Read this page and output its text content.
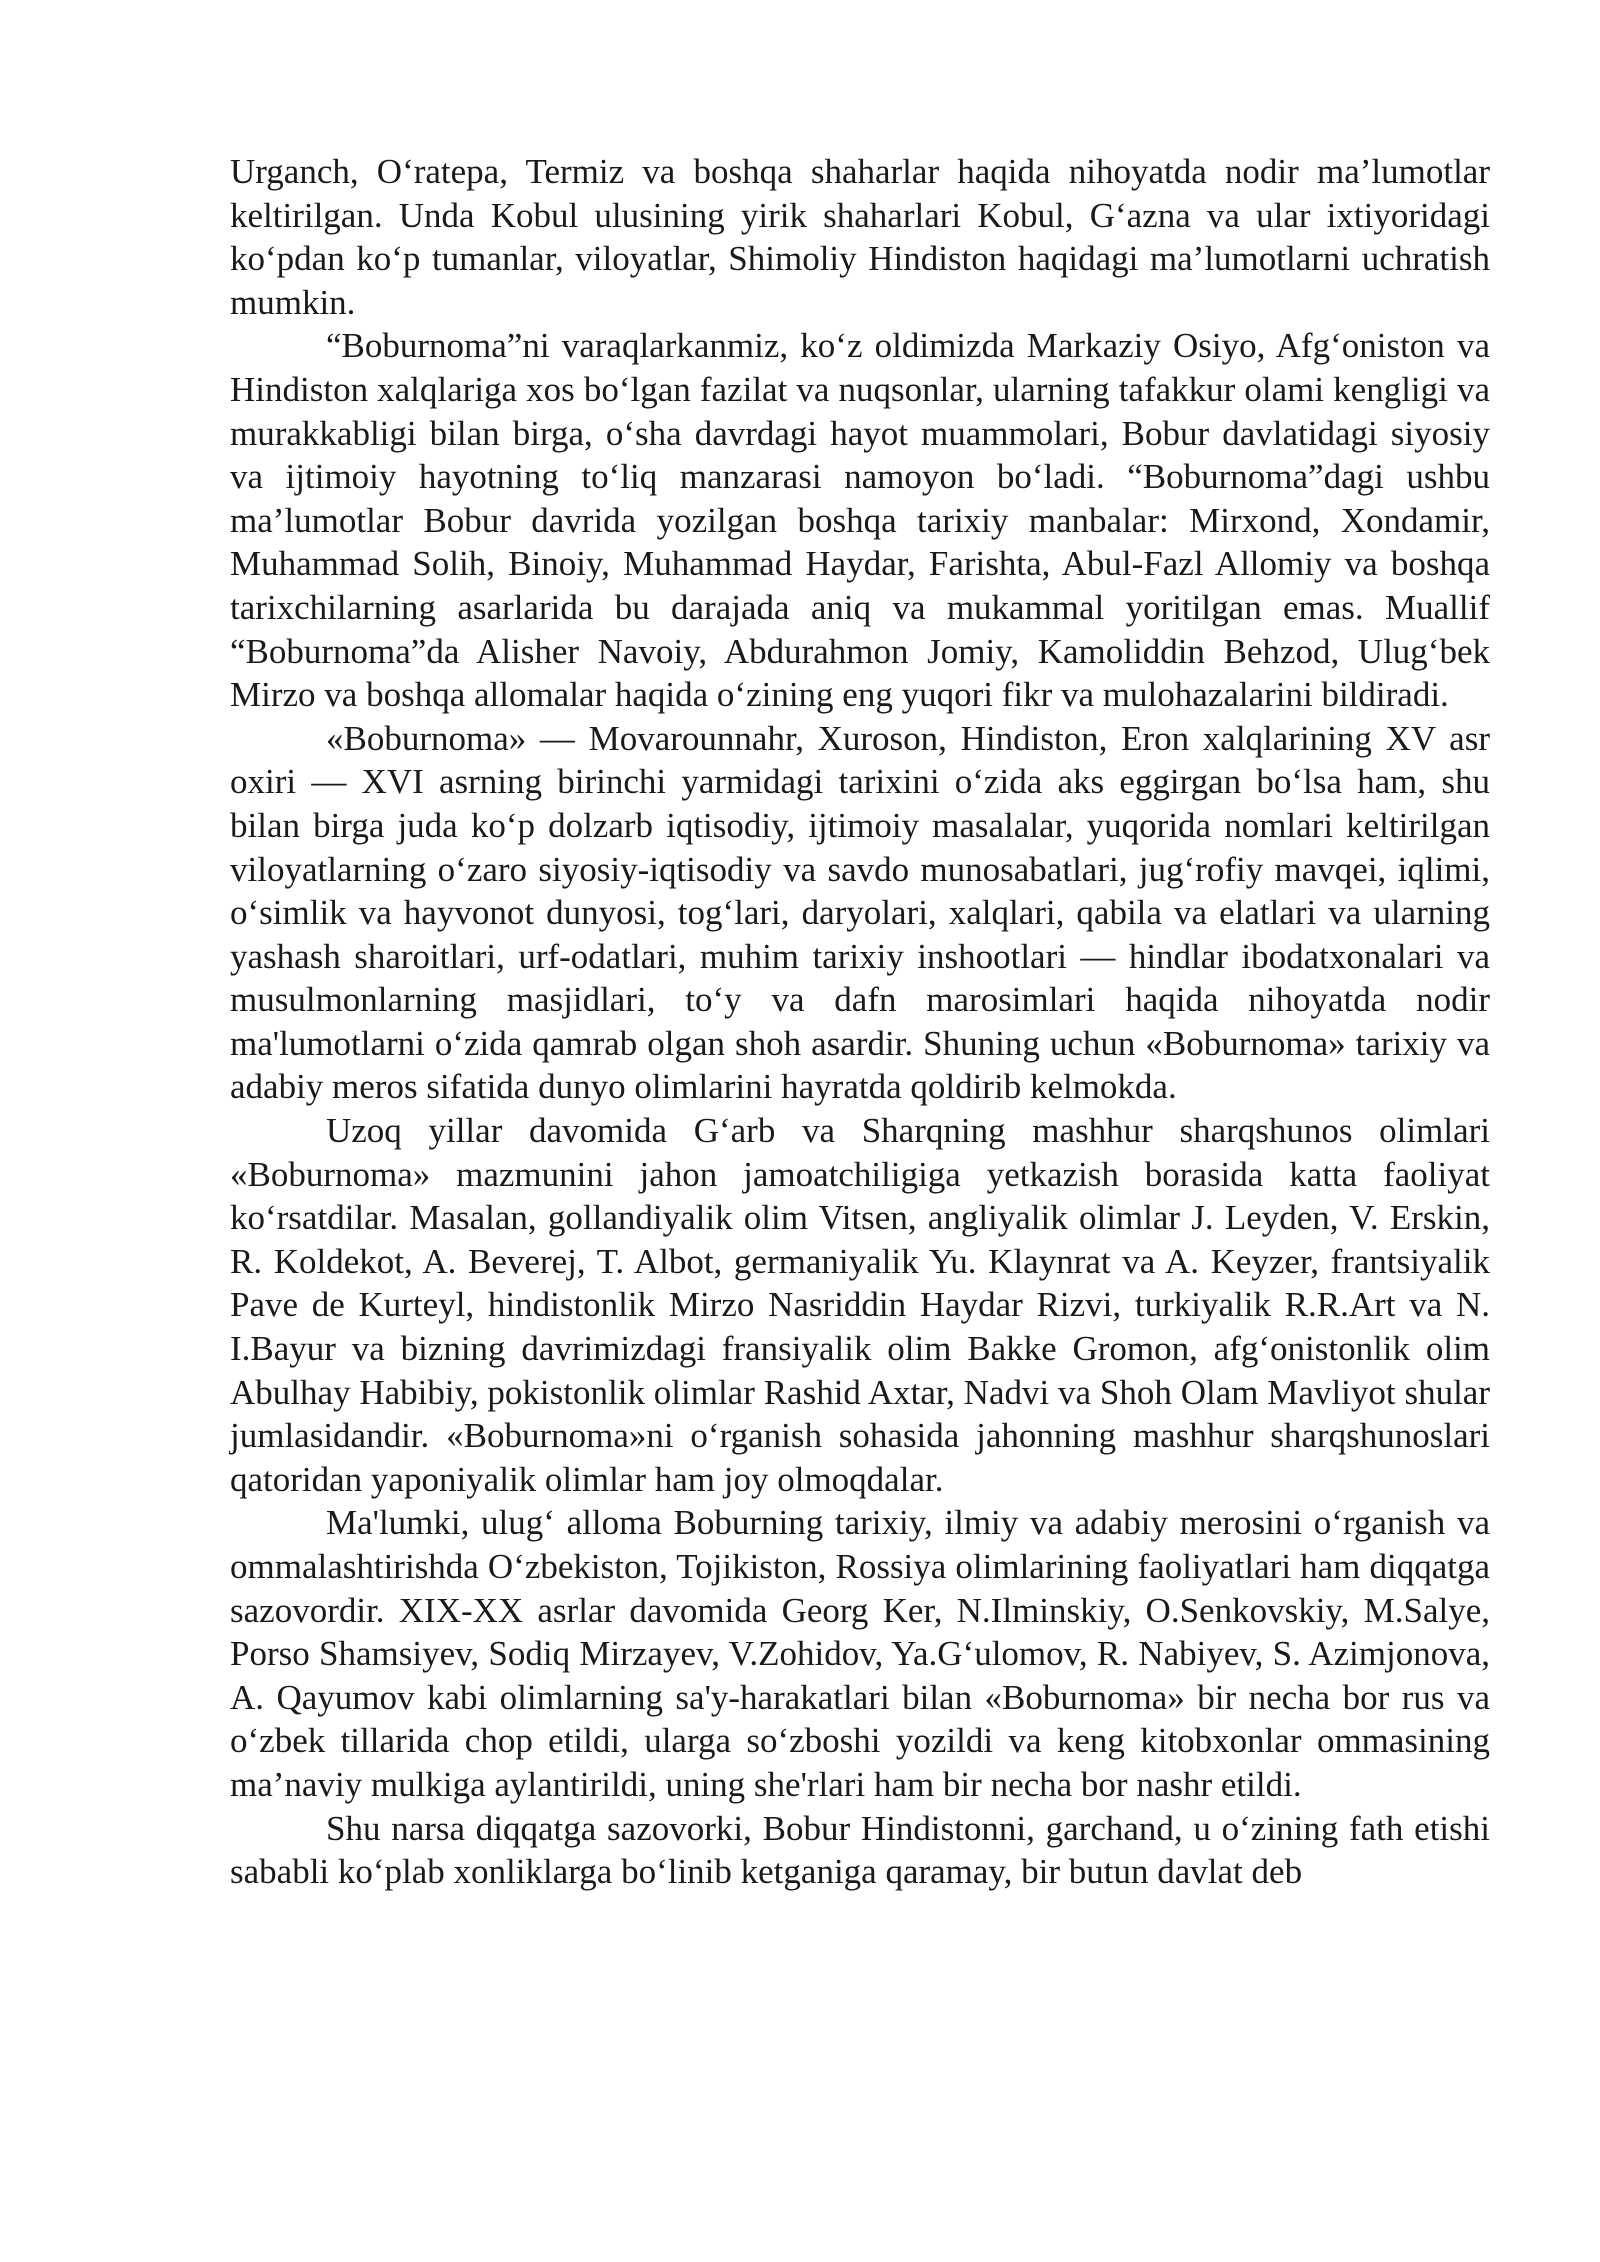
Urganch, O‘ratepa, Termiz va boshqa shaharlar haqida nihoyatda nodir ma’lumotlar keltirilgan. Unda Kobul ulusining yirik shaharlari Kobul, G‘azna va ular ixtiyoridagi ko‘pdan ko‘p tumanlar, viloyatlar, Shimoliy Hindiston haqidagi ma’lumotlarni uchratish mumkin.

“Boburnoma”ni varaqlarkanmiz, ko‘z oldimizda Markaziy Osiyo, Afg‘oniston va Hindiston xalqlariga xos bo‘lgan fazilat va nuqsonlar, ularning tafakkur olami kengligi va murakkabligi bilan birga, o‘sha davrdagi hayot muammolari, Bobur davlatidagi siyosiy va ijtimoiy hayotning to‘liq manzarasi namoyon bo‘ladi. “Boburnoma”dagi ushbu ma’lumotlar Bobur davrida yozilgan boshqa tarixiy manbalar: Mirxond, Xondamir, Muhammad Solih, Binoiy, Muhammad Haydar, Farishta, Abul-Fazl Allomiy va boshqa tarixchilarning asarlarida bu darajada aniq va mukammal yoritilgan emas. Muallif “Boburnoma”da Alisher Navoiy, Abdurahmon Jomiy, Kamoliddin Behzod, Ulug‘bek Mirzo va boshqa allomalar haqida o‘zining eng yuqori fikr va mulohazalarini bildiradi.

«Boburnoma» — Movarounnahr, Xuroson, Hindiston, Eron xalqlarining XV asr oxiri — XVI asrning birinchi yarmidagi tarixini o‘zida aks eggirgan bo‘lsa ham, shu bilan birga juda ko‘p dolzarb iqtisodiy, ijtimoiy masalalar, yuqorida nomlari keltirilgan viloyatlarning o‘zaro siyosiy-iqtisodiy va savdo munosabatlari, jug‘rofiy mavqei, iqlimi, o‘simlik va hayvonot dunyosi, tog‘lari, daryolari, xalqlari, qabila va elatlari va ularning yashash sharoitlari, urf-odatlari, muhim tarixiy inshootlari — hindlar ibodatxonalari va musulmonlarning masjidlari, to‘y va dafn marosimlari haqida nihoyatda nodir ma'lumotlarni o‘zida qamrab olgan shoh asardir. Shuning uchun «Boburnoma» tarixiy va adabiy meros sifatida dunyo olimlarini hayratda qoldirib kelmokda.

Uzoq yillar davomida G‘arb va Sharqning mashhur sharqshunos olimlari «Boburnoma» mazmunini jahon jamoatchiligiga yetkazish borasida katta faoliyat ko‘rsatdilar. Masalan, gollandiyalik olim Vitsen, angliyalik olimlar J. Leyden, V. Erskin, R. Koldekot, A. Beverej, T. Albot, germaniyalik Yu. Klaynrat va A. Keyzer, frantsiyalik Pave de Kurteyl, hindistonlik Mirzo Nasriddin Haydar Rizvi, turkiyalik R.R.Art va N. I.Bayur va bizning davrimizdagi fransiyalik olim Bakke Gromon, afg‘onistonlik olim Abulhay Habibiy, pokistonlik olimlar Rashid Axtar, Nadvi va Shoh Olam Mavliyot shular jumlasidandir. «Boburnoma»ni o‘rganish sohasida jahonning mashhur sharqshunoslari qatoridan yaponiyalik olimlar ham joy olmoqdalar.

Ma'lumki, ulug‘ alloma Boburning tarixiy, ilmiy va adabiy merosini o‘rganish va ommalashtirishda O‘zbekiston, Tojikiston, Rossiya olimlarining faoliyatlari ham diqqatga sazovordir. XIX-XX asrlar davomida Georg Ker, N.Ilminskiy, O.Senkovskiy, M.Salye, Porso Shamsiyev, Sodiq Mirzayev, V.Zohidov, Ya.G‘ulomov, R. Nabiyev, S. Azimjonova, A. Qayumov kabi olimlarning sa'y-harakatlari bilan «Boburnoma» bir necha bor rus va o‘zbek tillarida chop etildi, ularga so‘zboshi yozildi va keng kitobxonlar ommasining ma’naviy mulkiga aylantirildi, uning she'rlari ham bir necha bor nashr etildi.

Shu narsa diqqatga sazovorki, Bobur Hindistonni, garchand, u o‘zining fath etishi sababli ko‘plab xonliklarga bo‘linib ketganiga qaramay, bir butun davlat deb
